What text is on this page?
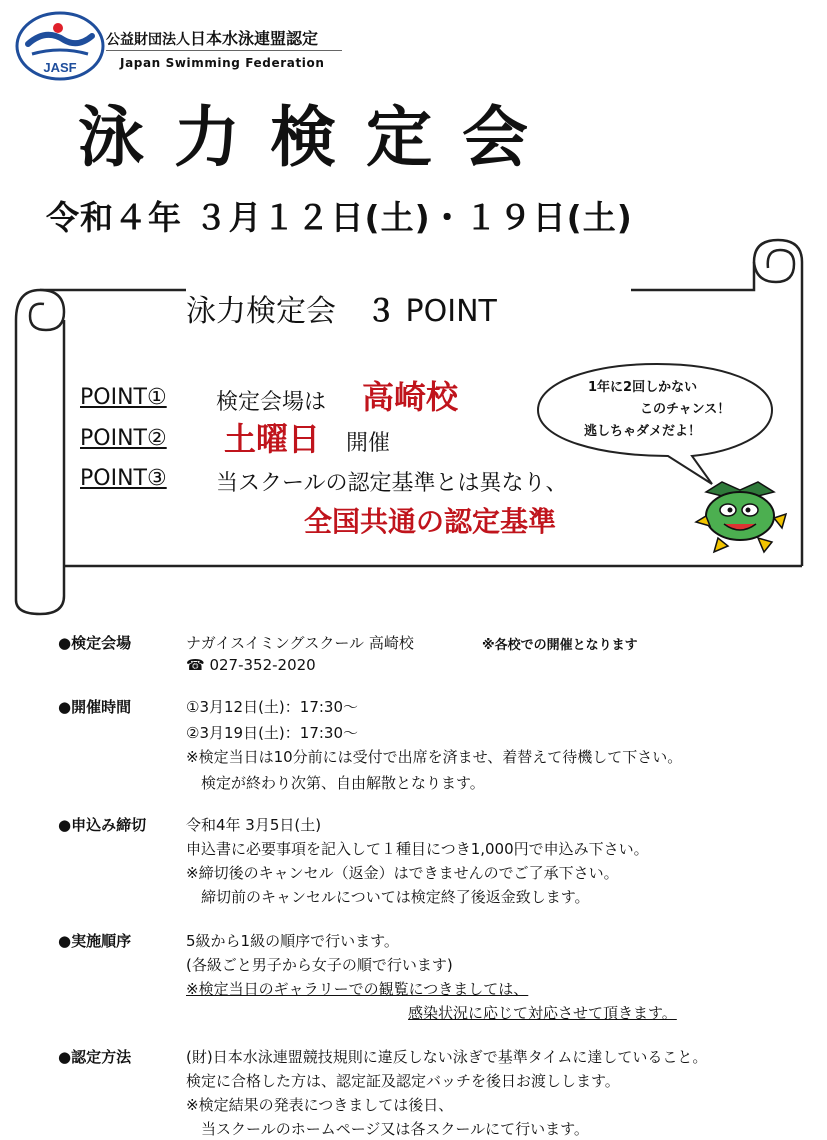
JASF
公益財団法人日本水泳連盟認定
Japan Swimming Federation
泳力検定会
令和４年 ３月１２日(土)・１９日(土)
泳力検定会 ３ POINT
POINT① 検定会場は 高崎校
POINT② 土曜日 開催
POINT③ 当スクールの認定基準とは異なり、
全国共通の認定基準
1年に2回しかない
このチャンス！
逃しちゃダメだよ！
●検定会場	ナガイスイミングスクール 高崎校	※各校での開催となります
☎ 027-352-2020
●開催時間	①3月12日(土)：17:30～
②3月19日(土)：17:30～
※検定当日は10分前には受付で出席を済ませ、着替えて待機して下さい。
　検定が終わり次第、自由解散となります。
●申込み締切	令和4年 3月5日(土)
申込書に必要事項を記入して１種目につき1,000円で申込み下さい。
※締切後のキャンセル（返金）はできませんのでご了承下さい。
　締切前のキャンセルについては検定終了後返金致します。
●実施順序	5級から1級の順序で行います。
(各級ごと男子から女子の順で行います)
※検定当日のギャラリーでの観覧につきましては、
感染状況に応じて対応させて頂きます。
●認定方法	(財)日本水泳連盟競技規則に違反しない泳ぎで基準タイムに達していること。
検定に合格した方は、認定証及認定バッチを後日お渡しします。
※検定結果の発表につきましては後日、
　当スクールのホームページ又は各スクールにて行います。
